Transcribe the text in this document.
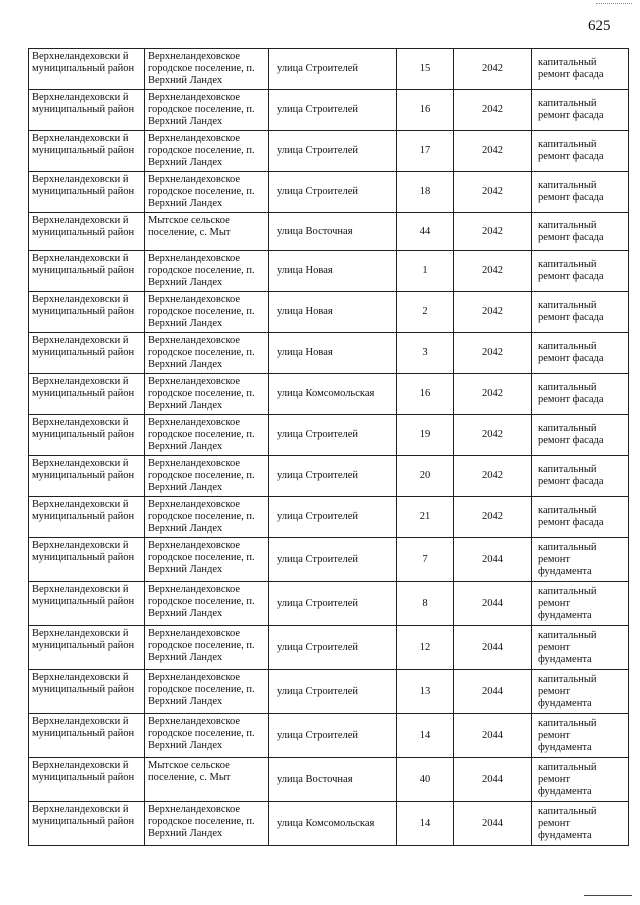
625
Верхнеландеховски й муниципальный район	Верхнеландеховское городское поселение, п. Верхний Ландех	улица Строителей	15	2042	капитальный ремонт фасада
Верхнеландеховски й муниципальный район	Верхнеландеховское городское поселение, п. Верхний Ландех	улица Строителей	16	2042	капитальный ремонт фасада
Верхнеландеховски й муниципальный район	Верхнеландеховское городское поселение, п. Верхний Ландех	улица Строителей	17	2042	капитальный ремонт фасада
Верхнеландеховски й муниципальный район	Верхнеландеховское городское поселение, п. Верхний Ландех	улица Строителей	18	2042	капитальный ремонт фасада
Верхнеландеховски й муниципальный район	Мытское сельское поселение, с. Мыт	улица Восточная	44	2042	капитальный ремонт фасада
Верхнеландеховски й муниципальный район	Верхнеландеховское городское поселение, п. Верхний Ландех	улица Новая	1	2042	капитальный ремонт фасада
Верхнеландеховски й муниципальный район	Верхнеландеховское городское поселение, п. Верхний Ландех	улица Новая	2	2042	капитальный ремонт фасада
Верхнеландеховски й муниципальный район	Верхнеландеховское городское поселение, п. Верхний Ландех	улица Новая	3	2042	капитальный ремонт фасада
Верхнеландеховски й муниципальный район	Верхнеландеховское городское поселение, п. Верхний Ландех	улица Комсомольская	16	2042	капитальный ремонт фасада
Верхнеландеховски й муниципальный район	Верхнеландеховское городское поселение, п. Верхний Ландех	улица Строителей	19	2042	капитальный ремонт фасада
Верхнеландеховски й муниципальный район	Верхнеландеховское городское поселение, п. Верхний Ландех	улица Строителей	20	2042	капитальный ремонт фасада
Верхнеландеховски й муниципальный район	Верхнеландеховское городское поселение, п. Верхний Ландех	улица Строителей	21	2042	капитальный ремонт фасада
Верхнеландеховски й муниципальный район	Верхнеландеховское городское поселение, п. Верхний Ландех	улица Строителей	7	2044	капитальный ремонт фундамента
Верхнеландеховски й муниципальный район	Верхнеландеховское городское поселение, п. Верхний Ландех	улица Строителей	8	2044	капитальный ремонт фундамента
Верхнеландеховски й муниципальный район	Верхнеландеховское городское поселение, п. Верхний Ландех	улица Строителей	12	2044	капитальный ремонт фундамента
Верхнеландеховски й муниципальный район	Верхнеландеховское городское поселение, п. Верхний Ландех	улица Строителей	13	2044	капитальный ремонт фундамента
Верхнеландеховски й муниципальный район	Верхнеландеховское городское поселение, п. Верхний Ландех	улица Строителей	14	2044	капитальный ремонт фундамента
Верхнеландеховски й муниципальный район	Мытское сельское поселение, с. Мыт	улица Восточная	40	2044	капитальный ремонт фундамента
Верхнеландеховски й муниципальный район	Верхнеландеховское городское поселение, п. Верхний Ландех	улица Комсомольская	14	2044	капитальный ремонт фундамента
